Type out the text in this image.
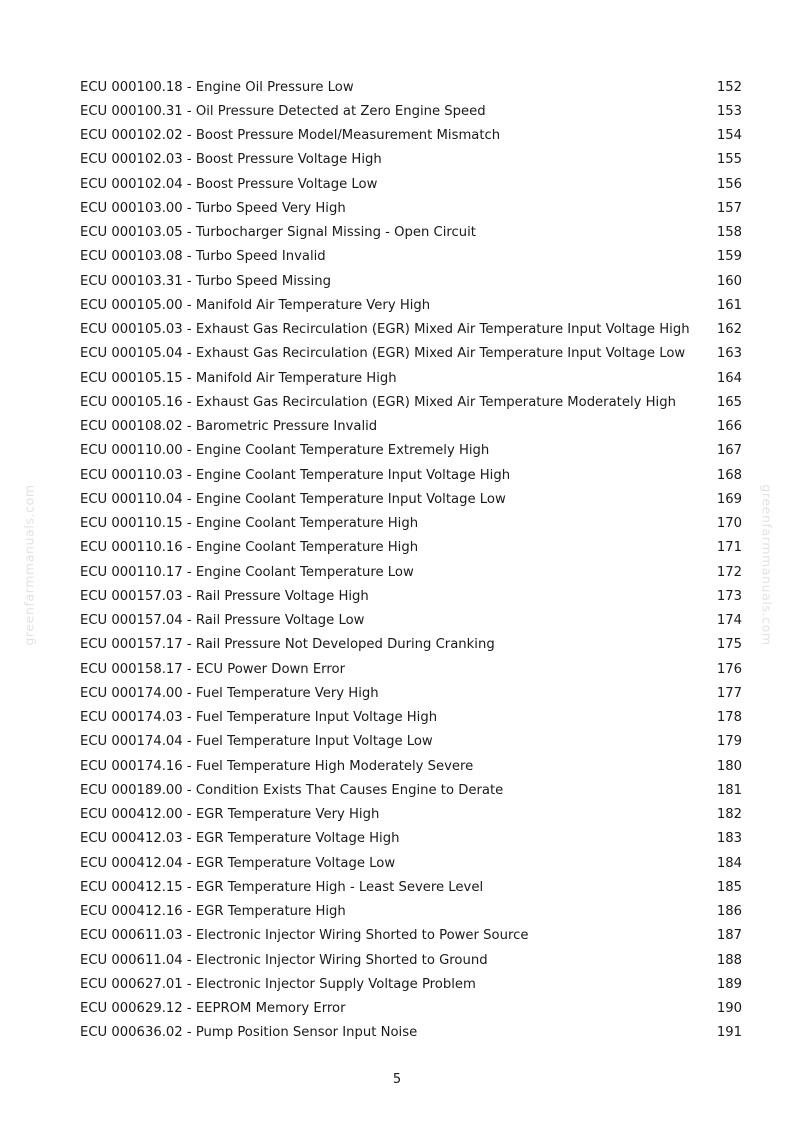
greenfarmmanuals.com	greenfarmmanuals.com
ECU 000100.18 - Engine Oil Pressure Low	152
ECU 000100.31 - Oil Pressure Detected at Zero Engine Speed	153
ECU 000102.02 - Boost Pressure Model/Measurement Mismatch	154
ECU 000102.03 - Boost Pressure Voltage High	155
ECU 000102.04 - Boost Pressure Voltage Low	156
ECU 000103.00 - Turbo Speed Very High	157
ECU 000103.05 - Turbocharger Signal Missing - Open Circuit	158
ECU 000103.08 - Turbo Speed Invalid	159
ECU 000103.31 - Turbo Speed Missing	160
ECU 000105.00 - Manifold Air Temperature Very High	161
ECU 000105.03 - Exhaust Gas Recirculation (EGR) Mixed Air Temperature Input Voltage High	162
ECU 000105.04 - Exhaust Gas Recirculation (EGR) Mixed Air Temperature Input Voltage Low	163
ECU 000105.15 - Manifold Air Temperature High	164
ECU 000105.16 - Exhaust Gas Recirculation (EGR) Mixed Air Temperature Moderately High	165
ECU 000108.02 - Barometric Pressure Invalid	166
ECU 000110.00 - Engine Coolant Temperature Extremely High	167
ECU 000110.03 - Engine Coolant Temperature Input Voltage High	168
ECU 000110.04 - Engine Coolant Temperature Input Voltage Low	169
ECU 000110.15 - Engine Coolant Temperature High	170
ECU 000110.16 - Engine Coolant Temperature High	171
ECU 000110.17 - Engine Coolant Temperature Low	172
ECU 000157.03 - Rail Pressure Voltage High	173
ECU 000157.04 - Rail Pressure Voltage Low	174
ECU 000157.17 - Rail Pressure Not Developed During Cranking	175
ECU 000158.17 - ECU Power Down Error	176
ECU 000174.00 - Fuel Temperature Very High	177
ECU 000174.03 - Fuel Temperature Input Voltage High	178
ECU 000174.04 - Fuel Temperature Input Voltage Low	179
ECU 000174.16 - Fuel Temperature High Moderately Severe	180
ECU 000189.00 - Condition Exists That Causes Engine to Derate	181
ECU 000412.00 - EGR Temperature Very High	182
ECU 000412.03 - EGR Temperature Voltage High	183
ECU 000412.04 - EGR Temperature Voltage Low	184
ECU 000412.15 - EGR Temperature High - Least Severe Level	185
ECU 000412.16 - EGR Temperature High	186
ECU 000611.03 - Electronic Injector Wiring Shorted to Power Source	187
ECU 000611.04 - Electronic Injector Wiring Shorted to Ground	188
ECU 000627.01 - Electronic Injector Supply Voltage Problem	189
ECU 000629.12 - EEPROM Memory Error	190
ECU 000636.02 - Pump Position Sensor Input Noise	191
5
